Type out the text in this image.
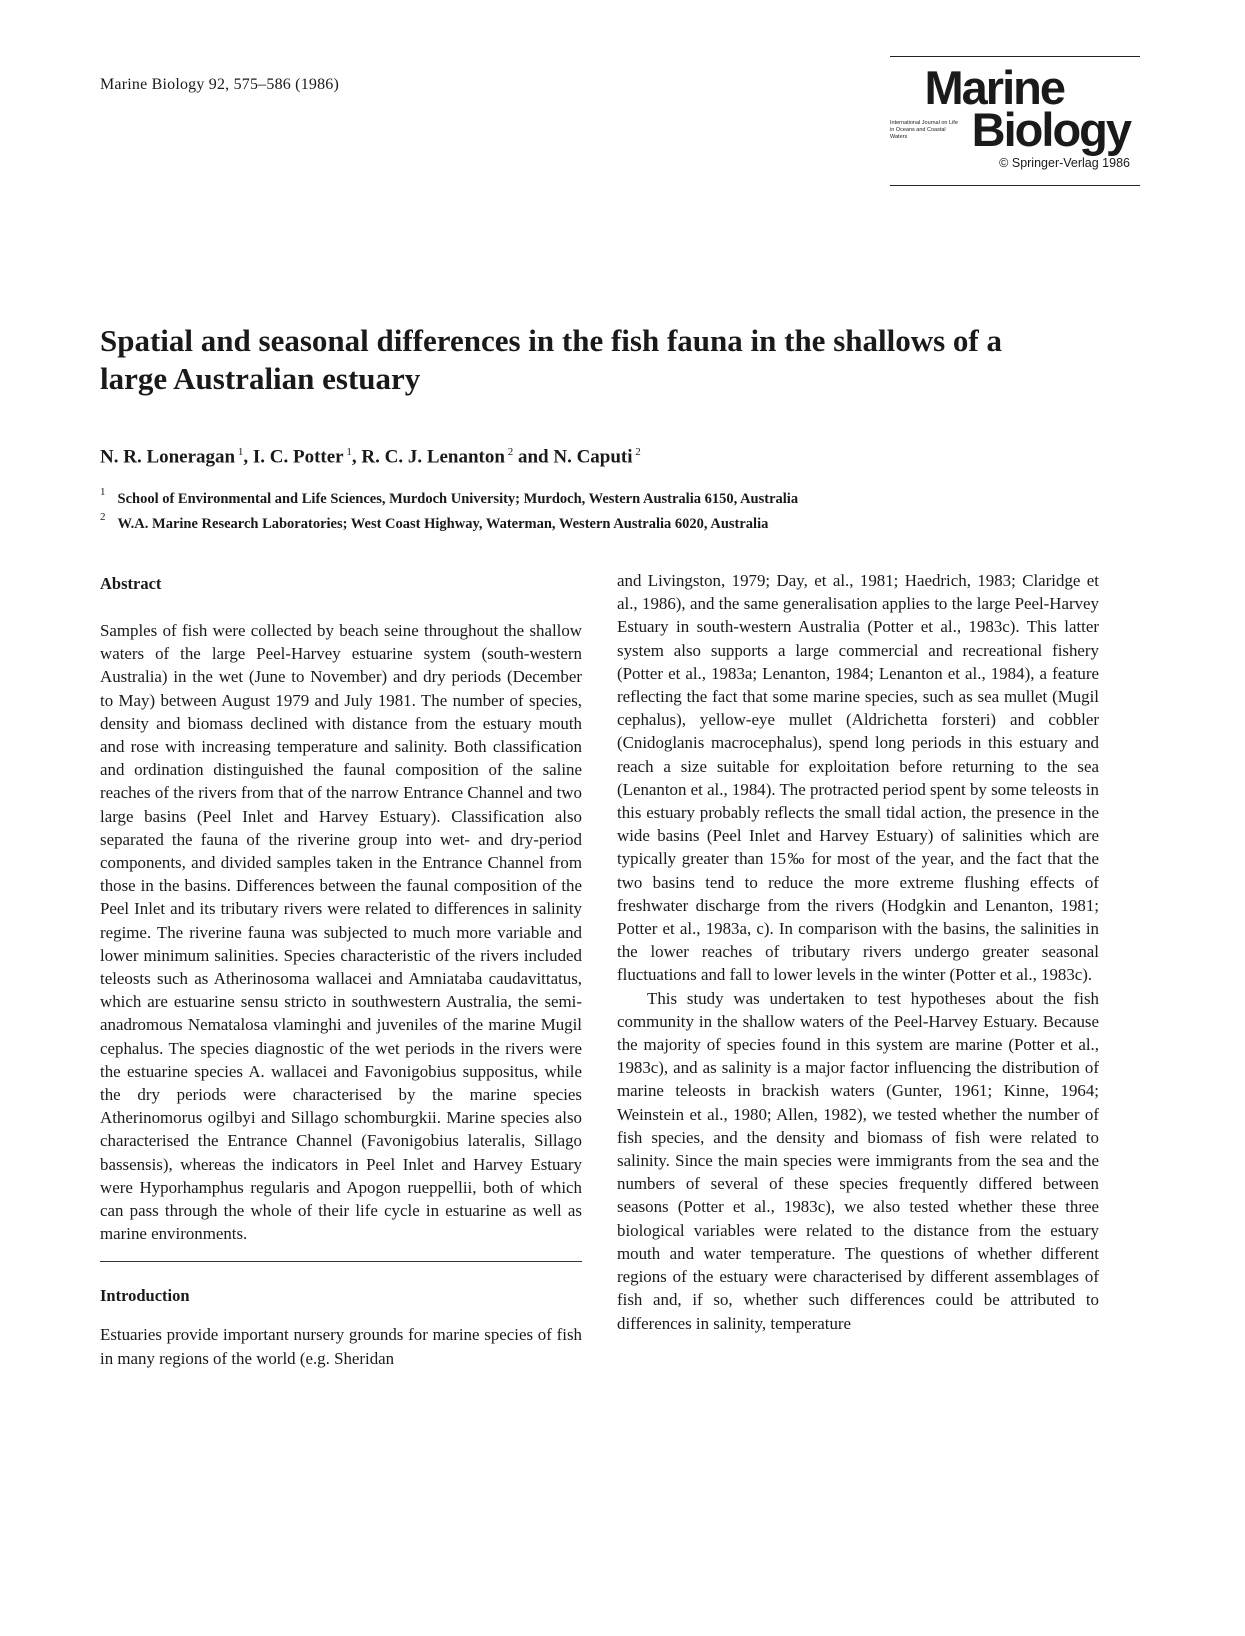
Marine Biology 92, 575–586 (1986)	Marine
International Journal on Life in Oceans and Coastal Waters	Biology
© Springer-Verlag 1986
Spatial and seasonal differences in the fish fauna in the shallows of a large Australian estuary
N. R. Loneragan $^1$, I. C. Potter $^1$, R. C. J. Lenanton $^2$ and N. Caputi $^2$
$^1$ School of Environmental and Life Sciences, Murdoch University; Murdoch, Western Australia 6150, Australia
$^2$ W.A. Marine Research Laboratories; West Coast Highway, Waterman, Western Australia 6020, Australia
Abstract

Samples of fish were collected by beach seine throughout the shallow waters of the large Peel-Harvey estuarine system (south-western Australia) in the wet (June to November) and dry periods (December to May) between August 1979 and July 1981. The number of species, density and biomass declined with distance from the estuary mouth and rose with increasing temperature and salinity. Both classification and ordination distinguished the faunal composition of the saline reaches of the rivers from that of the narrow Entrance Channel and two large basins (Peel Inlet and Harvey Estuary). Classification also separated the fauna of the riverine group into wet- and dry-period components, and divided samples taken in the Entrance Channel from those in the basins. Differences between the faunal composition of the Peel Inlet and its tributary rivers were related to differences in salinity regime. The riverine fauna was subjected to much more variable and lower minimum salinities. Species characteristic of the rivers included teleosts such as Atherinosoma wallacei and Amniataba caudavittatus, which are estuarine sensu stricto in southwestern Australia, the semi-anadromous Nematalosa vlaminghi and juveniles of the marine Mugil cephalus. The species diagnostic of the wet periods in the rivers were the estuarine species A. wallacei and Favonigobius suppositus, while the dry periods were characterised by the marine species Atherinomorus ogilbyi and Sillago schomburgkii. Marine species also characterised the Entrance Channel (Favonigobius lateralis, Sillago bassensis), whereas the indicators in Peel Inlet and Harvey Estuary were Hyporhamphus regularis and Apogon rueppellii, both of which can pass through the whole of their life cycle in estuarine as well as marine environments.

Introduction

Estuaries provide important nursery grounds for marine species of fish in many regions of the world (e.g. Sheridan

and Livingston, 1979; Day, et al., 1981; Haedrich, 1983; Claridge et al., 1986), and the same generalisation applies to the large Peel-Harvey Estuary in south-western Australia (Potter et al., 1983c). This latter system also supports a large commercial and recreational fishery (Potter et al., 1983a; Lenanton, 1984; Lenanton et al., 1984), a feature reflecting the fact that some marine species, such as sea mullet (Mugil cephalus), yellow-eye mullet (Aldrichetta forsteri) and cobbler (Cnidoglanis macrocephalus), spend long periods in this estuary and reach a size suitable for exploitation before returning to the sea (Lenanton et al., 1984). The protracted period spent by some teleosts in this estuary probably reflects the small tidal action, the presence in the wide basins (Peel Inlet and Harvey Estuary) of salinities which are typically greater than 15‰ for most of the year, and the fact that the two basins tend to reduce the more extreme flushing effects of freshwater discharge from the rivers (Hodgkin and Lenanton, 1981; Potter et al., 1983a, c). In comparison with the basins, the salinities in the lower reaches of tributary rivers undergo greater seasonal fluctuations and fall to lower levels in the winter (Potter et al., 1983c).

This study was undertaken to test hypotheses about the fish community in the shallow waters of the Peel-Harvey Estuary. Because the majority of species found in this system are marine (Potter et al., 1983c), and as salinity is a major factor influencing the distribution of marine teleosts in brackish waters (Gunter, 1961; Kinne, 1964; Weinstein et al., 1980; Allen, 1982), we tested whether the number of fish species, and the density and biomass of fish were related to salinity. Since the main species were immigrants from the sea and the numbers of several of these species frequently differed between seasons (Potter et al., 1983c), we also tested whether these three biological variables were related to the distance from the estuary mouth and water temperature. The questions of whether different regions of the estuary were characterised by different assemblages of fish and, if so, whether such differences could be attributed to differences in salinity, temperature
